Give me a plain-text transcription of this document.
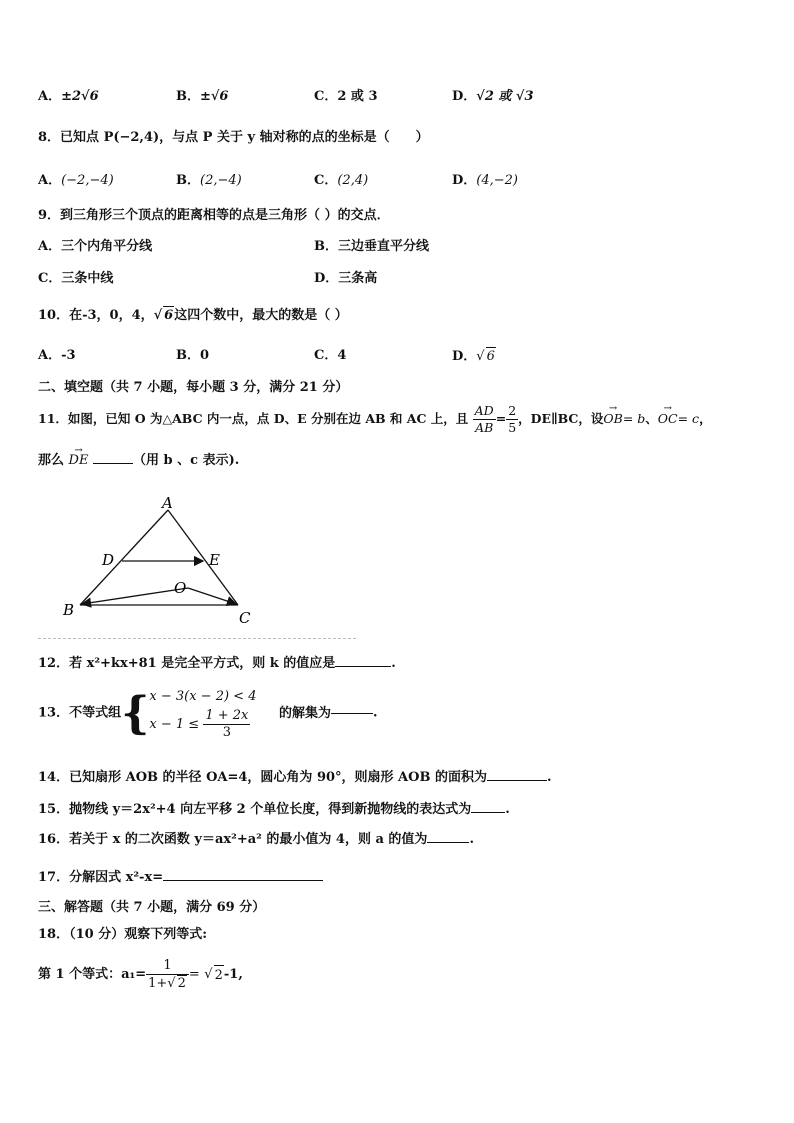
A．±2√6	B．±√6	C．2 或 3	D．√2 或 √3
8．已知点 P(−2,4)，与点 P 关于 y 轴对称的点的坐标是（　　）
A．(−2,−4)	B．(2,−4)	C．(2,4)	D．(4,−2)
9．到三角形三个顶点的距离相等的点是三角形（ ）的交点．
A．三个内角平分线	B．三边垂直平分线
C．三条中线	D．三条高
10．在-3，0，4，√ 6这四个数中，最大的数是（ ）
A．-3	B．0	C．4	D．√ 6
二、填空题（共 7 小题，每小题 3 分，满分 21 分）
11．如图，已知 O 为△ABC 内一点，点 D、E 分别在边 AB 和 AC 上，且 $\frac{AD}{AB} = \frac{2}{5}$ ，DE∥BC，设→ OB= b、→ OC= c，
那么 → DE	（用 b 、c 表示).
A
D	E
O
B	C
12．若 x²+kx+81 是完全平方式，则 k 的值应是	.
13．不等式组{ x − 3(x − 2) < 4
$x - 1 \le \frac{1 + 2x}{3}$ 的解集为	.
14．已知扇形 AOB 的半径 OA=4，圆心角为 90°，则扇形 AOB 的面积为	.
15．抛物线 y＝2x²+4 向左平移 2 个单位长度，得到新抛物线的表达式为	.
16．若关于 x 的二次函数 y＝ax²+a² 的最小值为 4，则 a 的值为	.
17．分解因式 x²-x=
三、解答题（共 7 小题，满分 69 分）
18．（10 分）观察下列等式:
第 1 个等式：$a_1= \frac{1}{1+√ 2}$ = √ 2-1,
